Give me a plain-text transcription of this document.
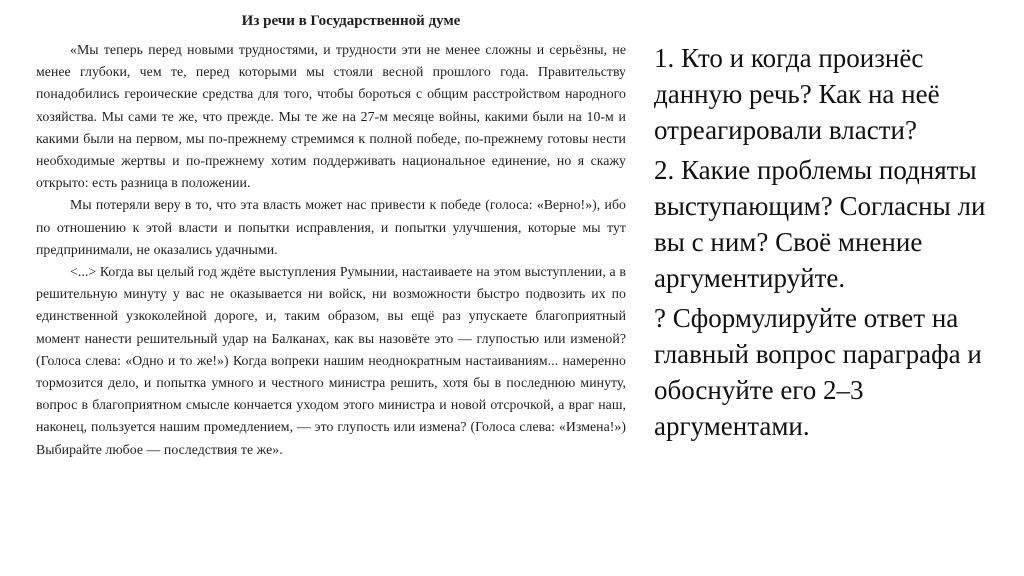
Из речи в Государственной думе

«Мы теперь перед новыми трудностями, и трудности эти не менее сложны и серьёзны, не менее глубоки, чем те, перед которыми мы стояли весной прошлого года. Правительству понадобились героические средства для того, чтобы бороться с общим расстройством народного хозяйства. Мы сами те же, что прежде. Мы те же на 27-м месяце войны, какими были на 10-м и какими были на первом, мы по-прежнему стремимся к полной победе, по-прежнему готовы нести необходимые жертвы и по-прежнему хотим поддерживать национальное единение, но я скажу открыто: есть разница в положении.

Мы потеряли веру в то, что эта власть может нас привести к победе (голоса: «Верно!»), ибо по отношению к этой власти и попытки исправления, и попытки улучшения, которые мы тут предпринимали, не оказались удачными.

<...> Когда вы целый год ждёте выступления Румынии, настаиваете на этом выступлении, а в решительную минуту у вас не оказывается ни войск, ни возможности быстро подвозить их по единственной узкоколейной дороге, и, таким образом, вы ещё раз упускаете благоприятный момент нанести решительный удар на Балканах, как вы назовёте это — глупостью или изменой? (Голоса слева: «Одно и то же!») Когда вопреки нашим неоднократным настаиваниям... намеренно тормозится дело, и попытка умного и честного министра решить, хотя бы в последнюю минуту, вопрос в благоприятном смысле кончается уходом этого министра и новой отсрочкой, а враг наш, наконец, пользуется нашим промедлением, — это глупость или измена? (Голоса слева: «Измена!») Выбирайте любое — последствия те же».

1. Кто и когда произнёс данную речь? Как на неё отреагировали власти?

2. Какие проблемы подняты выступающим? Согласны ли вы с ним? Своё мнение аргументируйте.

? Сформулируйте ответ на главный вопрос параграфа и обоснуйте его 2–3 аргументами.
